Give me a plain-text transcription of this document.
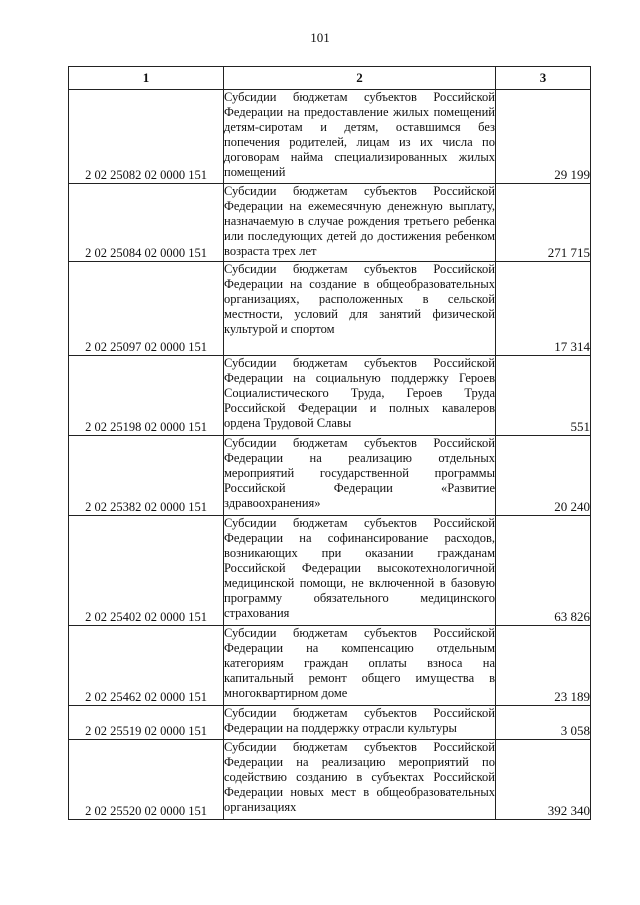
101
1	2	3
2 02 25082 02 0000 151	Субсидии бюджетам субъектов Российской Федерации на предоставление жилых помещений детям-сиротам и детям, оставшимся без попечения родителей, лицам из их числа по договорам найма специализированных жилых помещений	29 199
2 02 25084 02 0000 151	Субсидии бюджетам субъектов Российской Федерации на ежемесячную денежную выплату, назначаемую в случае рождения третьего ребенка или последующих детей до достижения ребенком возраста трех лет	271 715
2 02 25097 02 0000 151	Субсидии бюджетам субъектов Российской Федерации на создание в общеобразовательных организациях, расположенных в сельской местности, условий для занятий физической культурой и спортом	17 314
2 02 25198 02 0000 151	Субсидии бюджетам субъектов Российской Федерации на социальную поддержку Героев Социалистического Труда, Героев Труда Российской Федерации и полных кавалеров ордена Трудовой Славы	551
2 02 25382 02 0000 151	Субсидии бюджетам субъектов Российской Федерации на реализацию отдельных мероприятий государственной программы Российской Федерации «Развитие здравоохранения»	20 240
2 02 25402 02 0000 151	Субсидии бюджетам субъектов Российской Федерации на софинансирование расходов, возникающих при оказании гражданам Российской Федерации высокотехнологичной медицинской помощи, не включенной в базовую программу обязательного медицинского страхования	63 826
2 02 25462 02 0000 151	Субсидии бюджетам субъектов Российской Федерации на компенсацию отдельным категориям граждан оплаты взноса на капитальный ремонт общего имущества в многоквартирном доме	23 189
2 02 25519 02 0000 151	Субсидии бюджетам субъектов Российской Федерации на поддержку отрасли культуры	3 058
2 02 25520 02 0000 151	Субсидии бюджетам субъектов Российской Федерации на реализацию мероприятий по содействию созданию в субъектах Российской Федерации новых мест в общеобразовательных организациях	392 340
